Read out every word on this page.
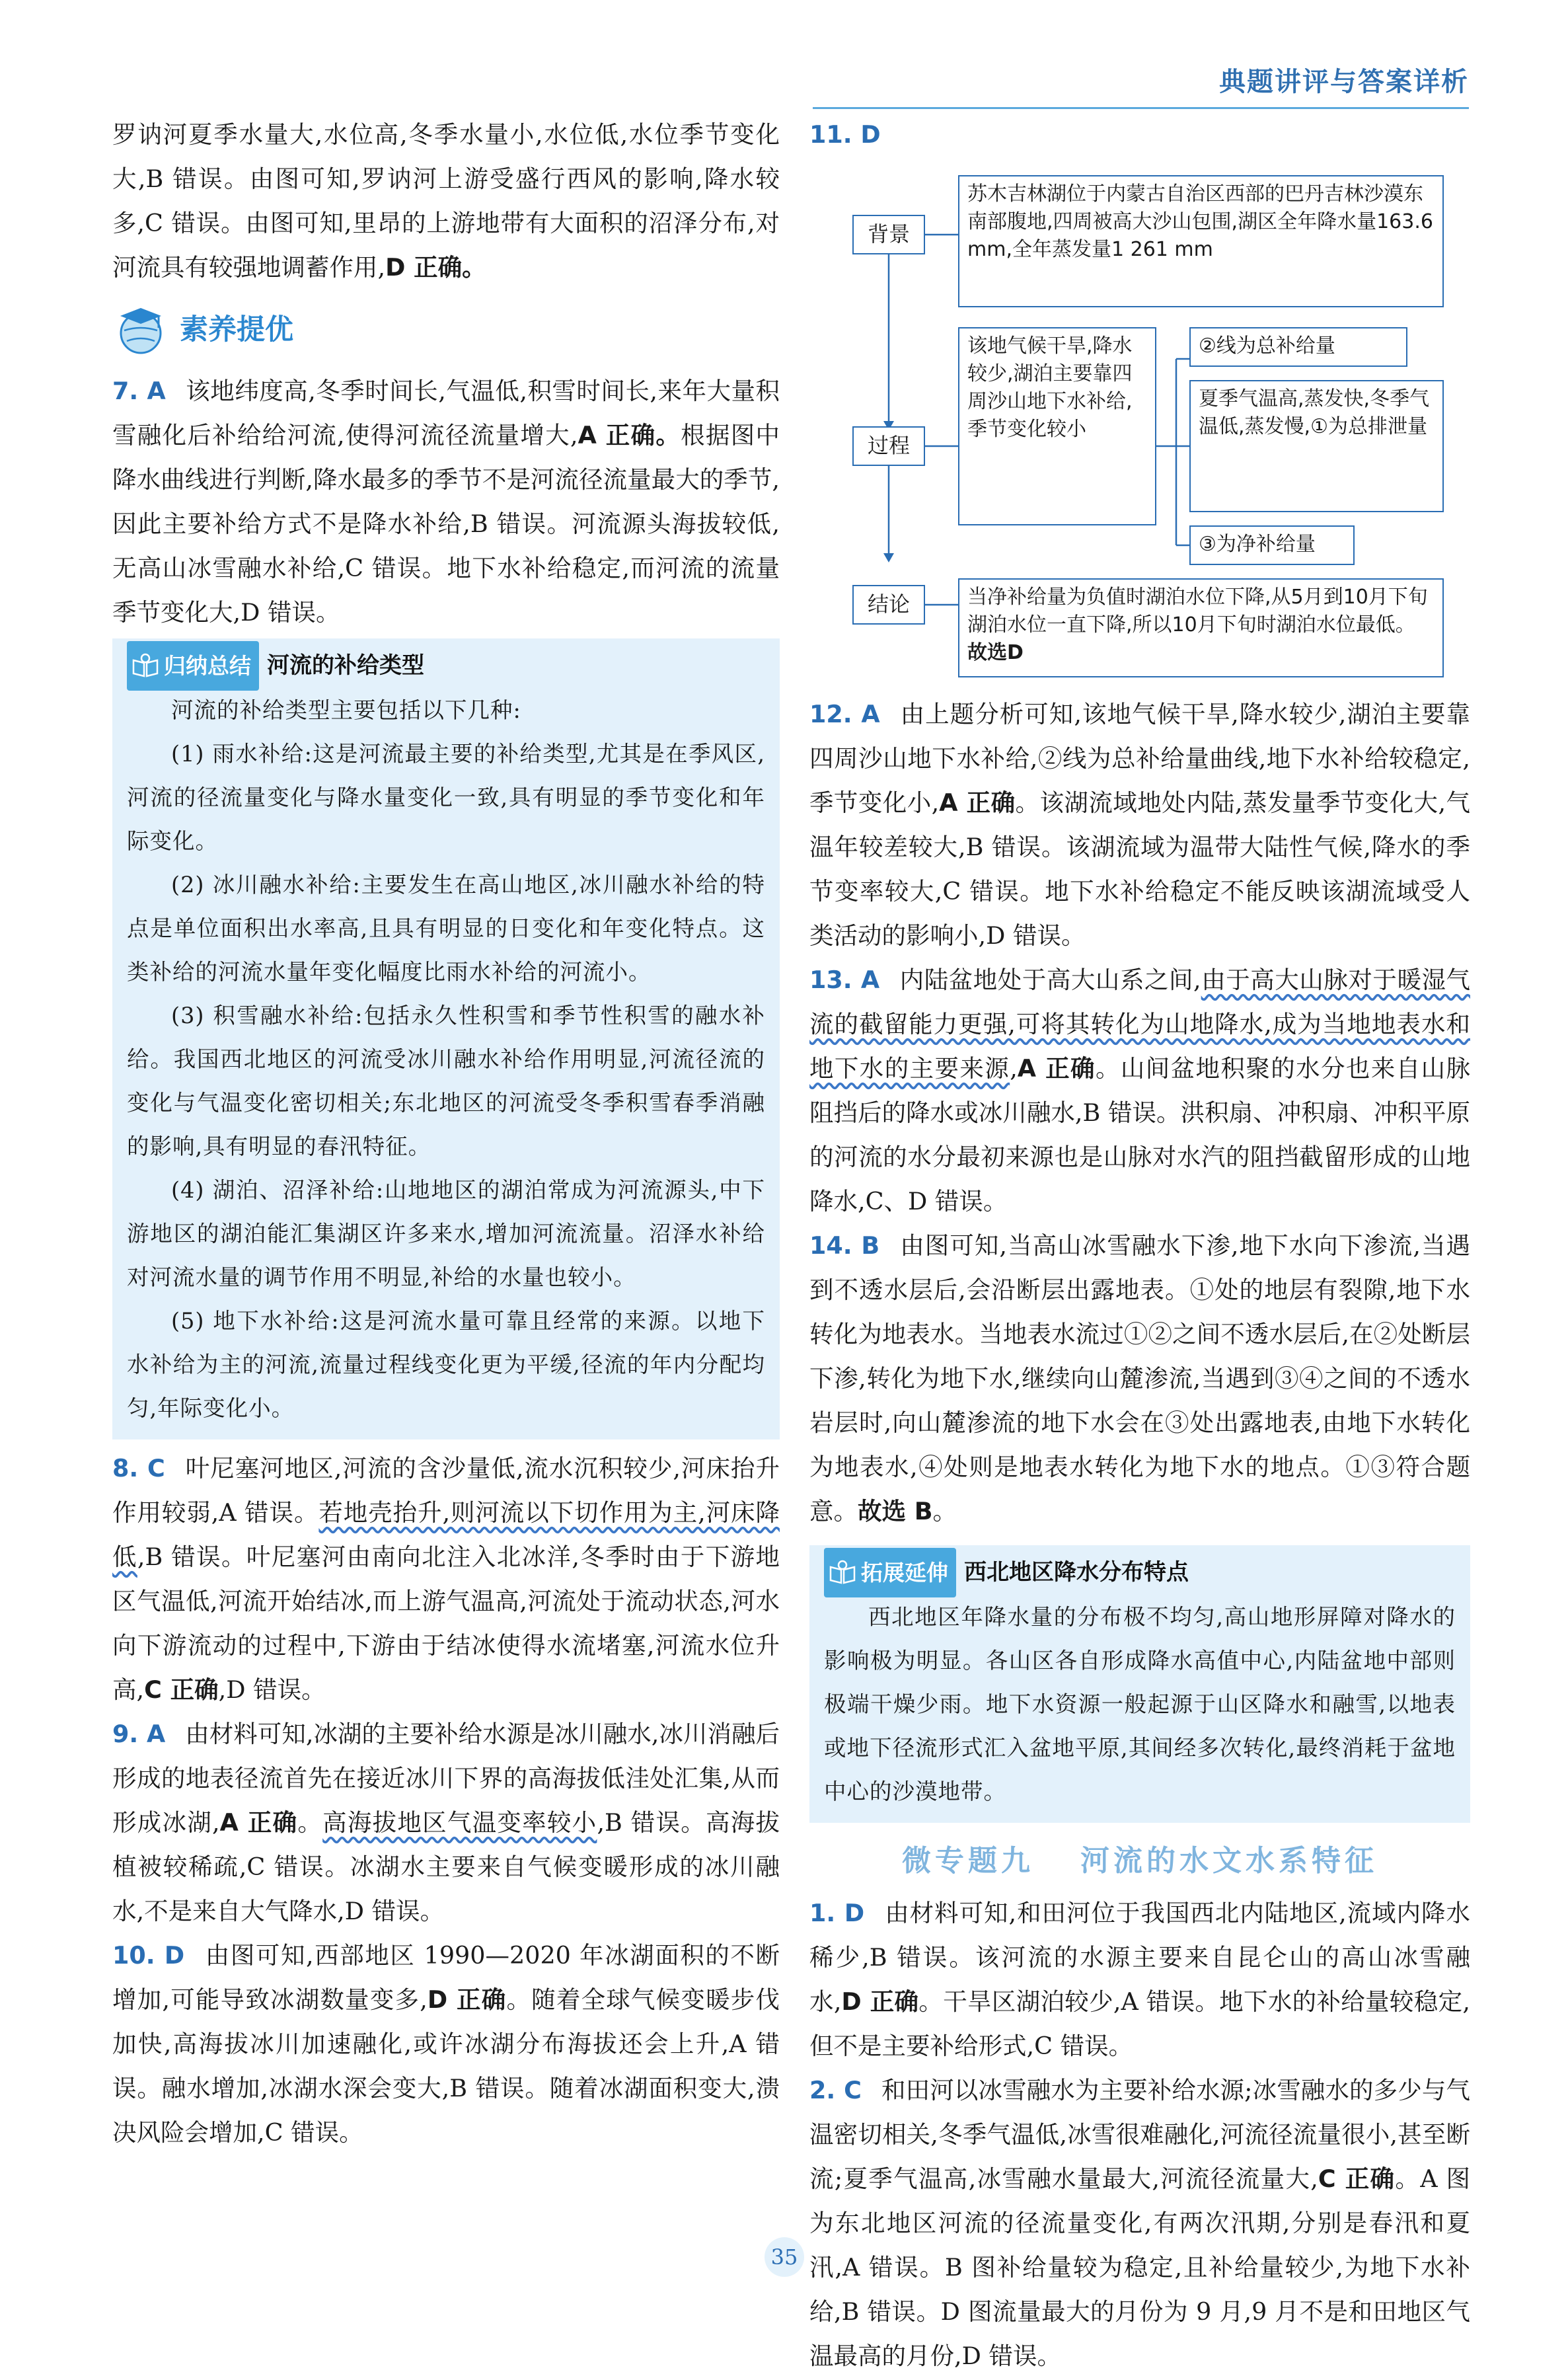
典题讲评与答案详析

罗讷河夏季水量大,水位高,冬季水量小,水位低,水位季节变化大,B 错误。由图可知,罗讷河上游受盛行西风的影响,降水较多,C 错误。由图可知,里昂的上游地带有大面积的沼泽分布,对河流具有较强地调蓄作用,D 正确。

素养提优

7. A 该地纬度高,冬季时间长,气温低,积雪时间长,来年大量积雪融化后补给给河流,使得河流径流量增大,A 正确。根据图中降水曲线进行判断,降水最多的季节不是河流径流量最大的季节,因此主要补给方式不是降水补给,B 错误。河流源头海拔较低,无高山冰雪融水补给,C 错误。地下水补给稳定,而河流的流量季节变化大,D 错误。

归纳总结 河流的补给类型

河流的补给类型主要包括以下几种:

(1) 雨水补给:这是河流最主要的补给类型,尤其是在季风区,河流的径流量变化与降水量变化一致,具有明显的季节变化和年际变化。

(2) 冰川融水补给:主要发生在高山地区,冰川融水补给的特点是单位面积出水率高,且具有明显的日变化和年变化特点。这类补给的河流水量年变化幅度比雨水补给的河流小。

(3) 积雪融水补给:包括永久性积雪和季节性积雪的融水补给。我国西北地区的河流受冰川融水补给作用明显,河流径流的变化与气温变化密切相关;东北地区的河流受冬季积雪春季消融的影响,具有明显的春汛特征。

(4) 湖泊、沼泽补给:山地地区的湖泊常成为河流源头,中下游地区的湖泊能汇集湖区许多来水,增加河流流量。沼泽水补给对河流水量的调节作用不明显,补给的水量也较小。

(5) 地下水补给:这是河流水量可靠且经常的来源。以地下水补给为主的河流,流量过程线变化更为平缓,径流的年内分配均匀,年际变化小。

8. C 叶尼塞河地区,河流的含沙量低,流水沉积较少,河床抬升作用较弱,A 错误。若地壳抬升,则河流以下切作用为主,河床降低,B 错误。叶尼塞河由南向北注入北冰洋,冬季时由于下游地区气温低,河流开始结冰,而上游气温高,河流处于流动状态,河水向下游流动的过程中,下游由于结冰使得水流堵塞,河流水位升高,C 正确,D 错误。

9. A 由材料可知,冰湖的主要补给水源是冰川融水,冰川消融后形成的地表径流首先在接近冰川下界的高海拔低洼处汇集,从而形成冰湖,A 正确。高海拔地区气温变率较小,B 错误。高海拔植被较稀疏,C 错误。冰湖水主要来自气候变暖形成的冰川融水,不是来自大气降水,D 错误。

10. D 由图可知,西部地区 1990—2020 年冰湖面积的不断增加,可能导致冰湖数量变多,D 正确。随着全球气候变暖步伐加快,高海拔冰川加速融化,或许冰湖分布海拔还会上升,A 错误。融水增加,冰湖水深会变大,B 错误。随着冰湖面积变大,溃决风险会增加,C 错误。

11. D

背景
苏木吉林湖位于内蒙古自治区西部的巴丹吉林沙漠东南部腹地,四周被高大沙山包围,湖区全年降水量163.6 mm,全年蒸发量1 261 mm
过程
该地气候干旱,降水较少,湖泊主要靠四周沙山地下水补给,季节变化较小
②线为总补给量
夏季气温高,蒸发快,冬季气温低,蒸发慢,①为总排泄量
③为净补给量
结论	当净补给量为负值时湖泊水位下降,从5月到10月下旬湖泊水位一直下降,所以10月下旬时湖泊水位最低。故选D

12. A 由上题分析可知,该地气候干旱,降水较少,湖泊主要靠四周沙山地下水补给,②线为总补给量曲线,地下水补给较稳定,季节变化小,A 正确。该湖流域地处内陆,蒸发量季节变化大,气温年较差较大,B 错误。该湖流域为温带大陆性气候,降水的季节变率较大,C 错误。地下水补给稳定不能反映该湖流域受人类活动的影响小,D 错误。

13. A 内陆盆地处于高大山系之间,由于高大山脉对于暖湿气流的截留能力更强,可将其转化为山地降水,成为当地地表水和地下水的主要来源,A 正确。山间盆地积聚的水分也来自山脉阻挡后的降水或冰川融水,B 错误。洪积扇、冲积扇、冲积平原的河流的水分最初来源也是山脉对水汽的阻挡截留形成的山地降水,C、D 错误。

14. B 由图可知,当高山冰雪融水下渗,地下水向下渗流,当遇到不透水层后,会沿断层出露地表。①处的地层有裂隙,地下水转化为地表水。当地表水流过①②之间不透水层后,在②处断层下渗,转化为地下水,继续向山麓渗流,当遇到③④之间的不透水岩层时,向山麓渗流的地下水会在③处出露地表,由地下水转化为地表水,④处则是地表水转化为地下水的地点。①③符合题意。故选 B。

拓展延伸 西北地区降水分布特点

西北地区年降水量的分布极不均匀,高山地形屏障对降水的影响极为明显。各山区各自形成降水高值中心,内陆盆地中部则极端干燥少雨。地下水资源一般起源于山区降水和融雪,以地表或地下径流形式汇入盆地平原,其间经多次转化,最终消耗于盆地中心的沙漠地带。

微专题九 河流的水文水系特征

1. D 由材料可知,和田河位于我国西北内陆地区,流域内降水稀少,B 错误。该河流的水源主要来自昆仑山的高山冰雪融水,D 正确。干旱区湖泊较少,A 错误。地下水的补给量较稳定,但不是主要补给形式,C 错误。

2. C 和田河以冰雪融水为主要补给水源;冰雪融水的多少与气温密切相关,冬季气温低,冰雪很难融化,河流径流量很小,甚至断流;夏季气温高,冰雪融水量最大,河流径流量大,C 正确。A 图为东北地区河流的径流量变化,有两次汛期,分别是春汛和夏汛,A 错误。B 图补给量较为稳定,且补给量较少,为地下水补给,B 错误。D 图流量最大的月份为 9 月,9 月不是和田地区气温最高的月份,D 错误。

35
